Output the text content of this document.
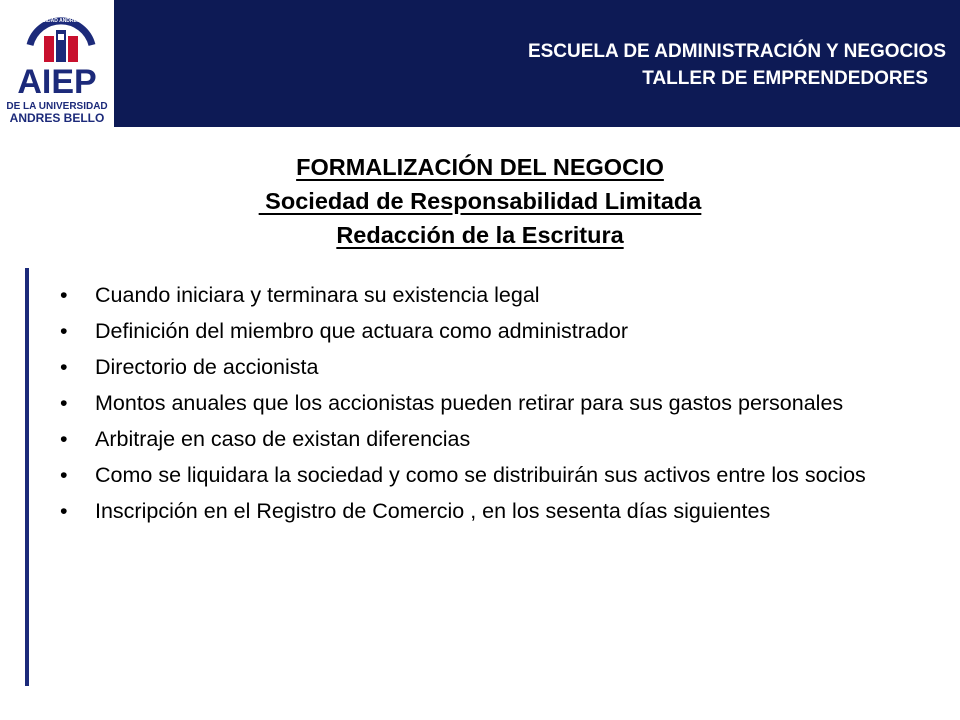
UNIVERSIDAD ANDRES BELLO
AIEP
DE LA UNIVERSIDAD
ANDRES BELLO
ESCUELA DE ADMINISTRACIÓN Y NEGOCIOS
TALLER DE EMPRENDEDORES
FORMALIZACIÓN DEL NEGOCIO
Sociedad de Responsabilidad Limitada
Redacción de la Escritura
• Cuando iniciara y terminara su existencia legal
• Definición del miembro que actuara como administrador
• Directorio de accionista
• Montos anuales que los accionistas pueden retirar para sus gastos personales
• Arbitraje en caso de existan diferencias
• Como se liquidara la sociedad y como se distribuirán sus activos entre los socios
• Inscripción en el Registro de Comercio , en los sesenta días siguientes
